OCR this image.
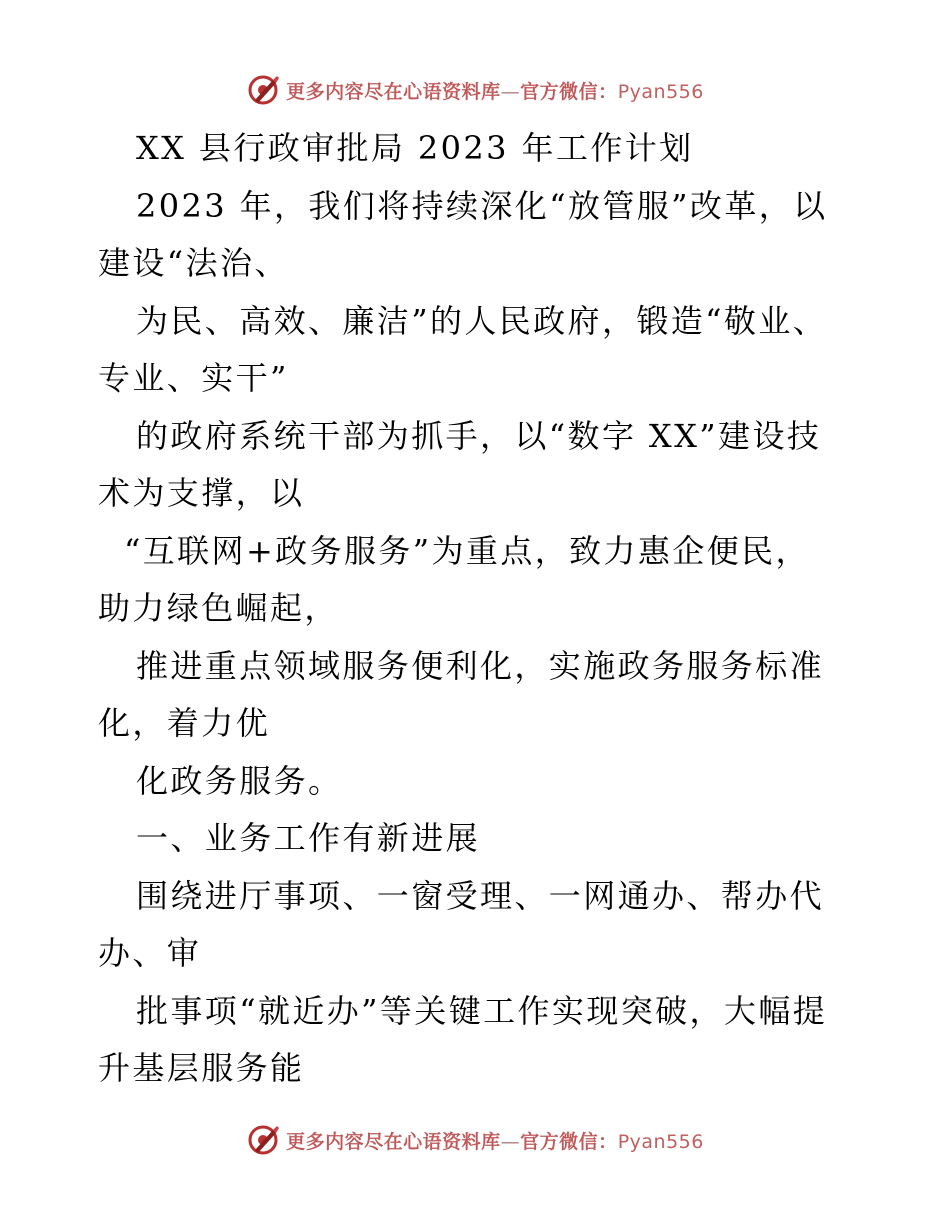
更多内容尽在心语资料库—官方微信：Pyan556
XX 县行政审批局 2023 年工作计划
2023 年，我们将持续深化“放管服”改革，以
建设“法治、
为民、高效、廉洁”的人民政府，锻造“敬业、
专业、实干”
的政府系统干部为抓手，以“数字 XX”建设技
术为支撑，以
“互联网+政务服务”为重点，致力惠企便民，
助力绿色崛起，
推进重点领域服务便利化，实施政务服务标准
化，着力优
化政务服务。
一、业务工作有新进展
围绕进厅事项、一窗受理、一网通办、帮办代
办、审
批事项“就近办”等关键工作实现突破，大幅提
升基层服务能
更多内容尽在心语资料库—官方微信：Pyan556
